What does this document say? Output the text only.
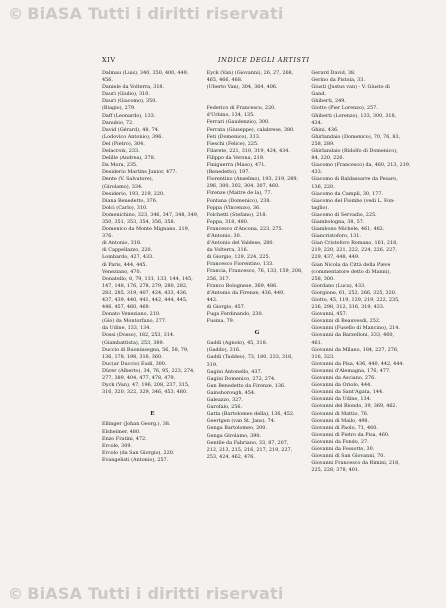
© BiASA Tutti i diritti riservati
XIV	INDICE DEGLI ARTISTI
Dalmau (Luis), 340, 350, 400, 449,
456.
Daniele da Volterra, 318.
Dauri (Giulio), 310.
Dauri (Giacomo), 350.
(Biagio), 279.
Daff (Leonardo), 133.
Danubio, 72.
David (Gérard), 48, 74.
(Lodovico Antonio), 396.
Del (Pietro), 304.
Delacroix, 233.
Delille (Andrea), 378.
Da Mora, 235.
Desiderio Martins Junior, 477.
Dente (V. Salvatore),
(Girolamo), 334.
Desiderio, 193, 219, 220.
Diana Benedetto, 376.
Dolci (Carlo), 310.
Domenichino, 323, 346, 347, 348, 349,
350, 351, 353, 354, 356, 358.
Domenico da Monte Mignano, 219,
376.
di Antonio, 318.
di Cappellazzo, 220.
Lombardo, 427, 433.
di Paris, 444, 445.
Veneziano, 470.
Donatello, 8, 79, 131, 133, 144, 145,
147, 148, 176, 278, 279, 280, 282,
283, 285, 319, 407, 424, 433, 436,
437, 439, 440, 441, 442, 444, 445,
446, 457, 460, 469.
Donato Veneziano, 210.
(Gio) da Montorfano, 277.
da Udine, 133, 134.
Dossi (Dosso), 182, 253, 314.
(Giambattista), 253, 389.
Duccio di Buoninsegna, 56, 58, 79,
136, 178, 198, 316, 360.
Duc(ar Duccio) Eudi, 300.
Dürer (Alberto), 34, 76, 95, 223, 274,
277, 389, 404, 477, 478, 479.
Dyck (Van), 47, 196, 208, 237, 315,
316, 320, 322, 329, 346, 453, 480.
E
Ellinger (Johan Georg.), 38.
Elsheimer, 480.
Enzo Fratini, 472.
Ercole, 309.
Ercolo (da San Giorgio), 220.
Evangelisti (Antonio), 257.
Eyck (Van) (Giovanni), 26, 27, 268,
465, 466, 468.
(Uberto Van), 304, 364, 406.
Federico di Francesco, 220.
d'Urbino, 134, 135.
Ferrari (Gaudenzio), 300.
Ferrata (Giuseppe), calabrese, 380.
Feti (Domenico), 313.
Fieschi (Felice), 225.
Filarete, 221, 310, 319, 424, 434.
Filippo da Verona, 219.
Finiguerra (Maso), 471.
(Benedetto), 197.
Fiorentino (Anselmo), 193, 219, 289,
296, 300, 302, 304, 307, 460.
Firenze (Maitre de la), 77.
Fontana (Domenico), 238.
Foppa (Vincenzo), 36.
Folchetti (Stefano), 218.
Foppa, 318, 480.
Francesco d'Ancona, 223, 275.
d'Antonio, 30.
d'Antonio del Valdese, 280.
da Volterra, 316.
di Giorgio, 129, 224, 225.
Francesco Fiorentino, 133.
Francia, Francesco, 76, 133, 159, 208,
256, 317.
Franco Bolognese, 369, 486.
d'Antonio da Firenze, 436, 440,
442.
di Giorgio, 457.
Fuga Ferdinando, 230.
Fusina, 79.
G
Gaddi (Agnolo), 45, 318.
(Gaddo), 316.
Gaddi (Taddeo), 73, 180, 233, 316,
319.
Gagini Antonello, 437.
Gagini Domenico, 272, 274.
Gan Benedetto da Firenze, 136.
Gainsborough, 454.
Galeazzo, 327.
Garofalo, 256.
Gatta (Bartolomeo della), 136, 452.
Geertgen (van St. Jans), 74.
Genga Bartolomeo, 200.
Genga Girolamo, 390.
Gentile da Fabriano, 33, 87, 207,
212, 213, 215, 216, 217, 219, 227,
253, 424, 462, 476.
Gerard David, 38.
Gerino da Pistoia, 33.
Giusti (Justus van) - V. Giusto di
Gand.
Ghiberti, 249.
Giotto (Pier Lorenzo), 257.
Ghiberti (Lorenzo), 133, 300, 318,
434.
Ghini, 436.
Ghirlandaio (Domenico), 70, 76, 83,
258, 289.
Ghirlandaio (Ridolfo di Domenico),
84, 220, 226.
Giacomo (Francesco) da, 460, 213, 219,
433.
Giacomo di Baldassarre da Pesaro,
136, 220.
Giacomo da Campli, 30, 177.
Giacomo del Fiombo (vedi L. Fon-
taglio).
Giacomo di Servadio, 225.
Giambologna, 38, 57.
Giambono Michele, 461, 462.
Giancristoforo, 131.
Gian Cristoforo Romano, 161, 218,
219, 220, 221, 222, 224, 226, 227,
229, 437, 448, 449.
Gian Nicola da Città della Pieve
(commentatore detto di Manni),
258, 300.
Giordano (Luca), 433.
Giorgione, 61, 252, 266, 325, 320.
Giotto, 45, 119, 129, 219, 222, 235,
236, 298, 312, 316, 319, 433.
Giovanni, 457.
Giovanni di Beauvesdi, 252.
Giovanni (Fusello di Mancino), 214.
Giovanni da Barzelloni, 333, 460,
461.
Giovanni da Milano, 184, 227, 276,
316, 323.
Giovanni da Pisa, 436, 440, 442, 444.
Giovanni d'Alemagna, 176, 477.
Giovanni da Asciano, 276.
Giovanni da Oriolo, 444.
Giovanni da Sant'Agata, 144.
Giovanni da Udine, 134.
Giovanni del Biondo, 39, 369, 462.
Giovanni di Mattio, 76.
Giovanni di Mailo, 498.
Giovanni di Paolo, 71, 460.
Giovanni di Pietro da Pisa, 460.
Giovanni da Fondo, 27.
Giovanni da Fossotto, 30.
Giovanni di San Giovanni, 70.
Giovanni Francesco da Rimini, 218,
225, 228, 378, 401.
© BiASA Tutti i diritti riservati
